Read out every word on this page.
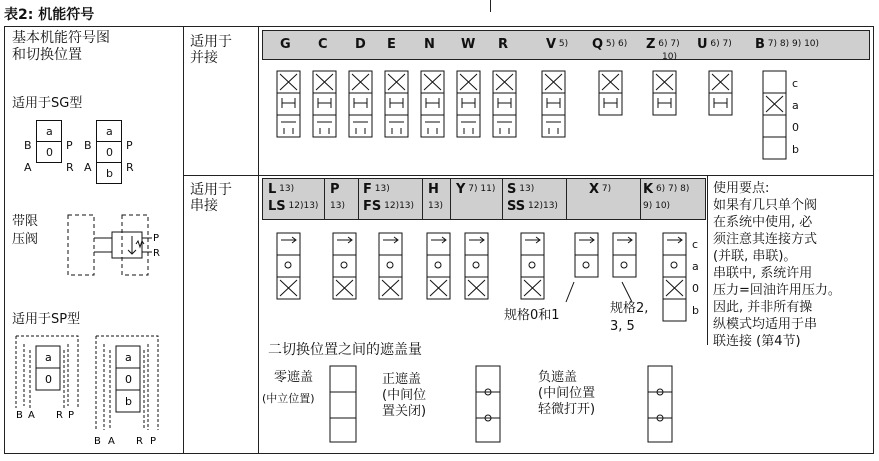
表2: 机能符号
基本机能符号图
和切换位置
适用于SG型
带限
压阀
适用于SP型
a
0
B
A
P
R
a
0
b
B
A
P
R
P
R
a
0
a
0
b
B A R P
B A R P
适用于
并接
G C D E N W R	V $^{5)}$ Q $^{5) 6)}$ Z $^{6) 7)}$
10)
U $^{6) 7)}$ B $^{7) 8) 9) 10)}$
c
a
0
b
适用于
串接
L $^{13)}$
LS $^{12)13)}$
P
$^{13)}$
F $^{13)}$
FS $^{12)13)}$
H
$^{13)}$
Y $^{7) 11)}$ S $^{13)}$
SS $^{12)13)}$
X $^{7)}$ K $^{6) 7) 8)}$
$^{9) 10)}$
c
a
0
b
规格0和1	规格2,
3, 5
使用要点:
如果有几只单个阀
在系统中使用, 必
须注意其连接方式
(并联, 串联)。
串联中, 系统许用
压力=回油许用压力。
因此, 并非所有操
纵模式均适用于串
联连接 (第4节)
二切换位置之间的遮盖量
零遮盖
(中立位置)
正遮盖
(中间位
置关闭)
负遮盖
(中间位置
轻微打开)
